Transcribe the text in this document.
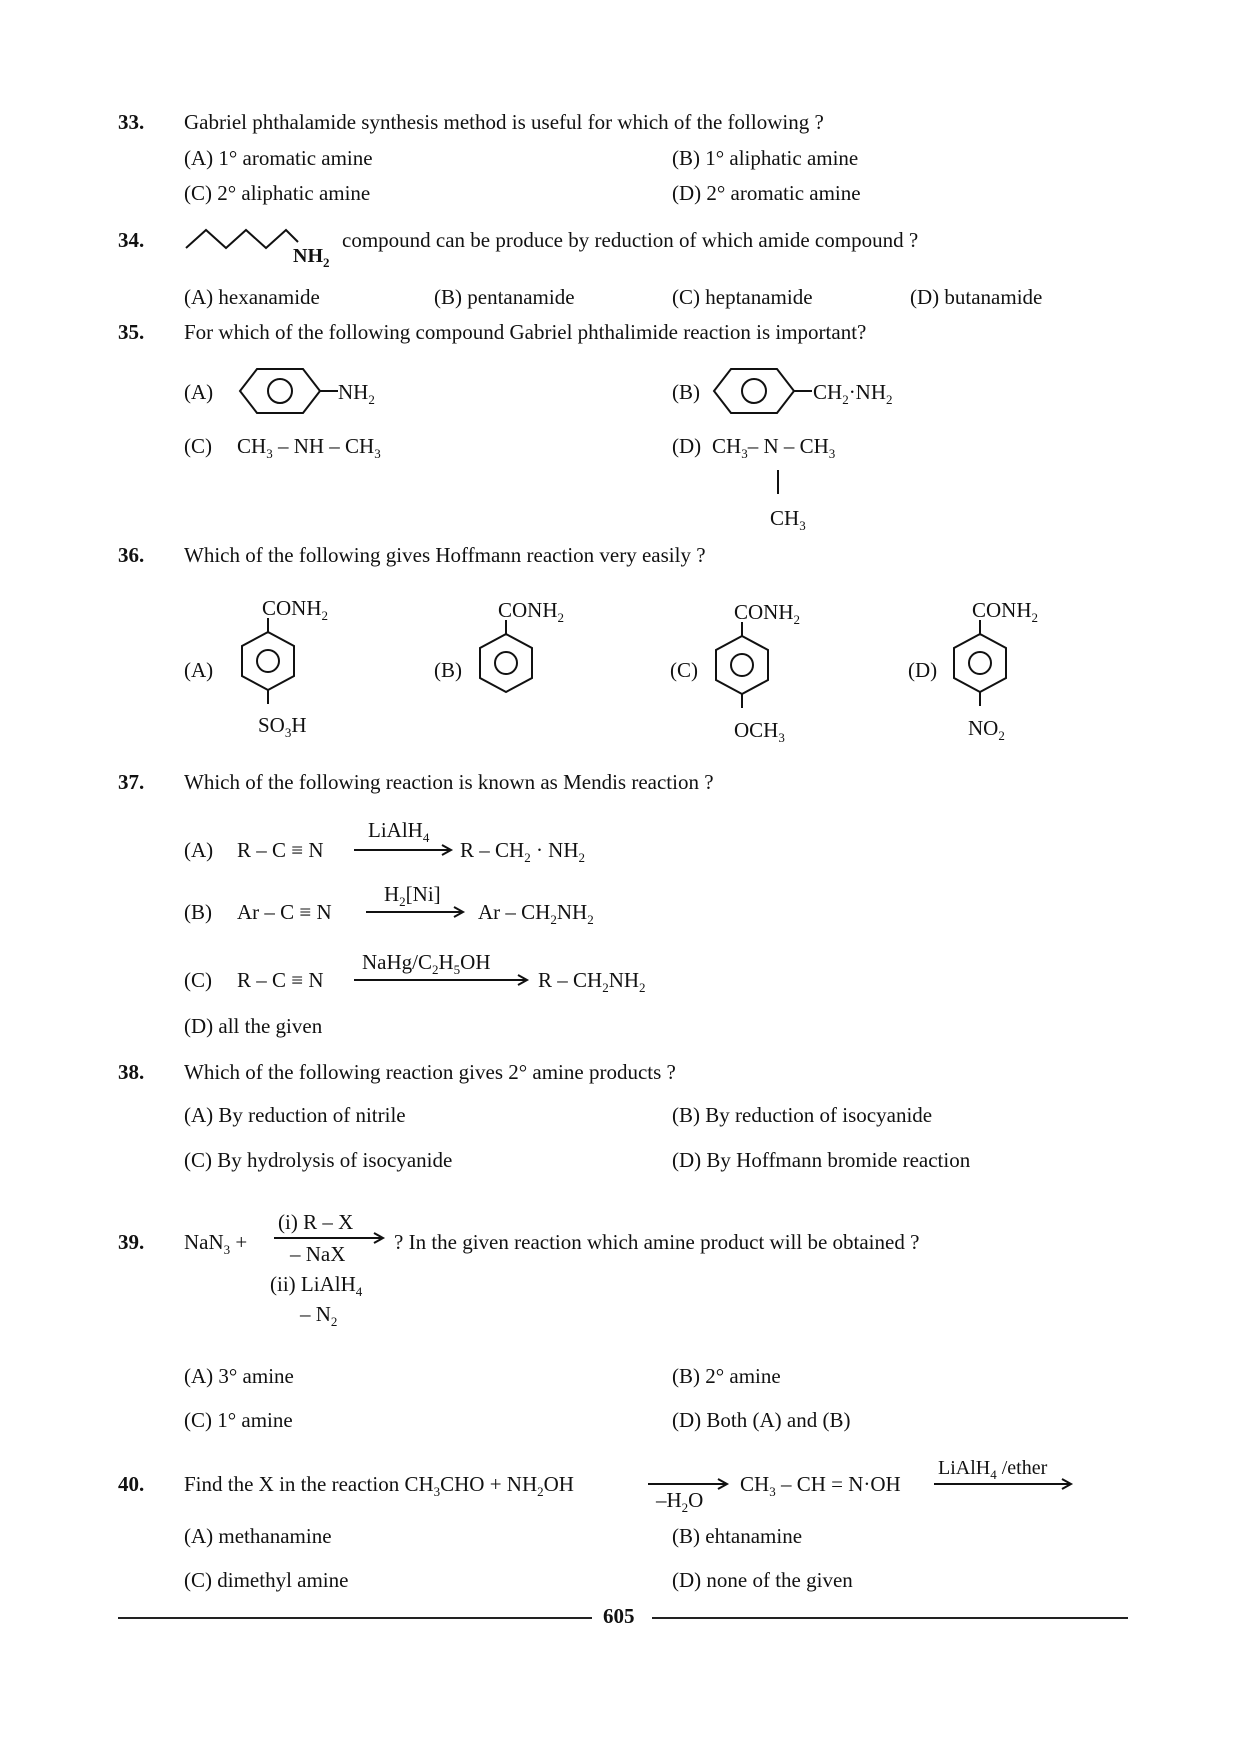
33. Gabriel phthalamide synthesis method is useful for which of the following ?
(A) 1° aromatic amine	(B) 1° aliphatic amine
(C) 2° aliphatic amine	(D) 2° aromatic amine
34.
$NH_2$
compound can be produce by reduction of which amide compound ?
(A) hexanamide	(B) pentanamide	(C) heptanamide	(D) butanamide
35. For which of the following compound Gabriel phthalimide reaction is important?
(A)	$NH_2$	(B)	$CH_2\cdot NH_2$
(C) $CH_3$ – NH – $CH_3$	(D) $CH_3-$ N – $CH_3$
$CH_3$
36. Which of the following gives Hoffmann reaction very easily ?
$CONH_2$
(A)
$SO_3H$
$CONH_2$
(B)
$CONH_2$
(C)
$OCH_3$
$CONH_2$
(D)
$NO_2$
37. Which of the following reaction is known as Mendis reaction ?
(A) R – C ≡ N
LiAlH$_4$
$R - CH_2 \cdot NH_2$
(B) Ar – C ≡ N
$H_2[Ni]$
Ar – $CH_2NH_2$
(C) R – C ≡ N
NaHg/$C_2H_5OH$
R – $CH_2NH_2$
(D) all the given
38. Which of the following reaction gives 2° amine products ?
(A) By reduction of nitrile	(B) By reduction of isocyanide
(C) By hydrolysis of isocyanide	(D) By Hoffmann bromide reaction
39. NaN$_3$ +
(i) R – X
– NaX
(ii) LiAlH$_4$
– $N_2$
? In the given reaction which amine product will be obtained ?
(A) 3° amine	(B) 2° amine
(C) 1° amine	(D) Both (A) and (B)
40. Find the X in the reaction $CH_3CHO + NH_2OH$
$-H_2O$
$CH_3$ – CH = N·OH
LiAlH$_4$ /ether
(A) methanamine	(B) ehtanamine
(C) dimethyl amine	(D) none of the given
605
